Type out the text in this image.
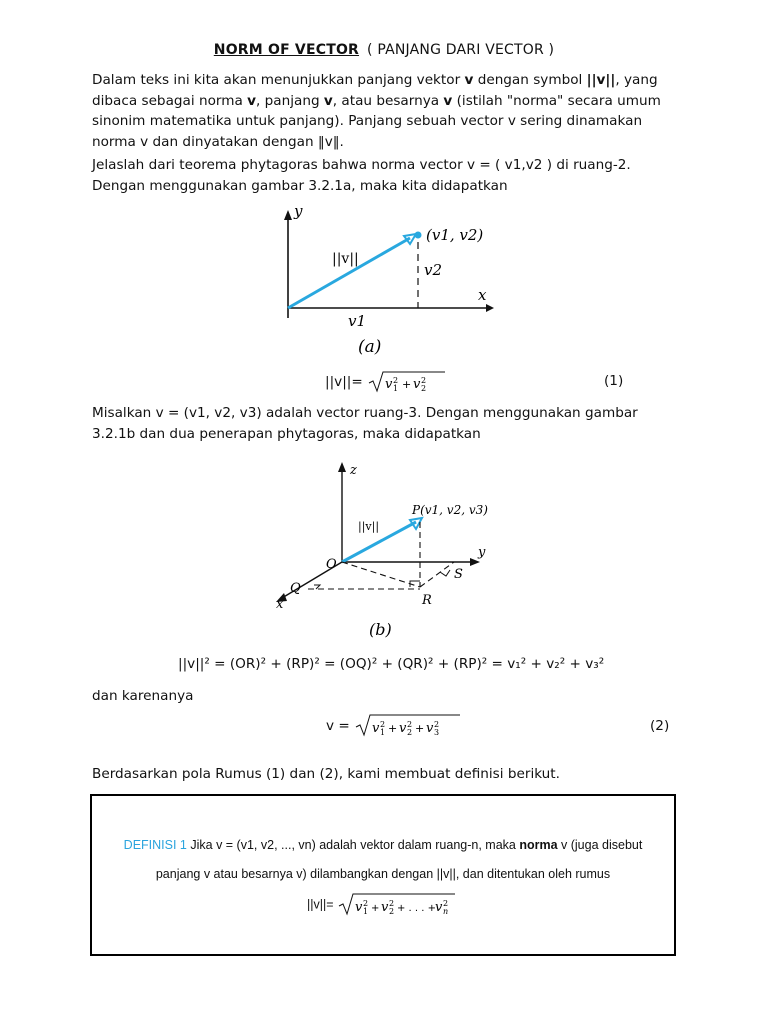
NORM OF VECTOR ( PANJANG DARI VECTOR )
Dalam teks ini kita akan menunjukkan panjang vektor v dengan symbol ||v||, yang dibaca sebagai norma v, panjang v, atau besarnya v (istilah "norma" secara umum sinonim matematika untuk panjang). Panjang sebuah vector v sering dinamakan norma v dan dinyatakan dengan ‖v‖.
Jelaslah dari teorema phytagoras bahwa norma vector v = ( v1,v2 ) di ruang-2. Dengan menggunakan gambar 3.2.1a, maka kita didapatkan
y
x
(v1, v2)
||v||
v2
v1
(a)
||v||= v 2
1 + v 2
2	(1)
Misalkan v = (v1, v2, v3) adalah vector ruang-3. Dengan menggunakan gambar 3.2.1b dan dua penerapan phytagoras, maka didapatkan
z
y
x
P(v1, v2, v3)
||v||
O
Q
R
S
(b)
||v||² = (OR)² + (RP)² = (OQ)² + (QR)² + (RP)² = v₁² + v₂² + v₃²
dan karenanya
v = v 2
1 + v 2
2 + v 2
3	(2)
Berdasarkan pola Rumus (1) dan (2), kami membuat definisi berikut.
DEFINISI 1 Jika v = (v1, v2, ..., vn) adalah vektor dalam ruang-n, maka norma v (juga disebut
panjang v atau besarnya v) dilambangkan dengan ||v||, dan ditentukan oleh rumus
||v||= v 2
1 + v 2
2 + . . . +
v 2
n
